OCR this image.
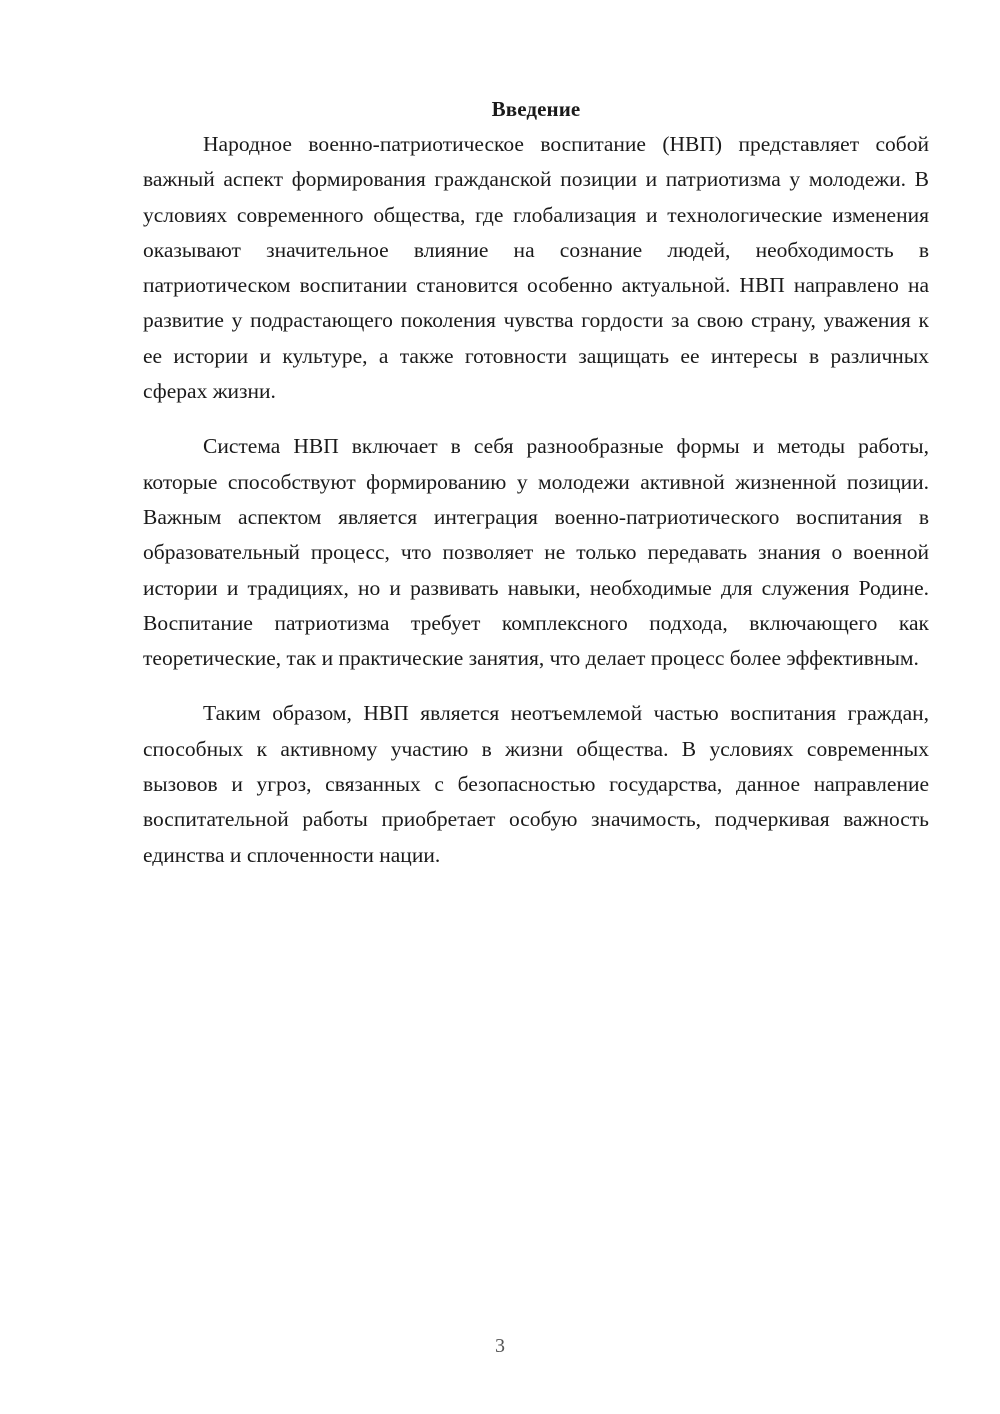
Введение

Народное военно-патриотическое воспитание (НВП) представляет собой важный аспект формирования гражданской позиции и патриотизма у молодежи. В условиях современного общества, где глобализация и технологические изменения оказывают значительное влияние на сознание людей, необходимость в патриотическом воспитании становится особенно актуальной. НВП направлено на развитие у подрастающего поколения чувства гордости за свою страну, уважения к ее истории и культуре, а также готовности защищать ее интересы в различных сферах жизни.

Система НВП включает в себя разнообразные формы и методы работы, которые способствуют формированию у молодежи активной жизненной позиции. Важным аспектом является интеграция военно-патриотического воспитания в образовательный процесс, что позволяет не только передавать знания о военной истории и традициях, но и развивать навыки, необходимые для служения Родине. Воспитание патриотизма требует комплексного подхода, включающего как теоретические, так и практические занятия, что делает процесс более эффективным.

Таким образом, НВП является неотъемлемой частью воспитания граждан, способных к активному участию в жизни общества. В условиях современных вызовов и угроз, связанных с безопасностью государства, данное направление воспитательной работы приобретает особую значимость, подчеркивая важность единства и сплоченности нации.

3
